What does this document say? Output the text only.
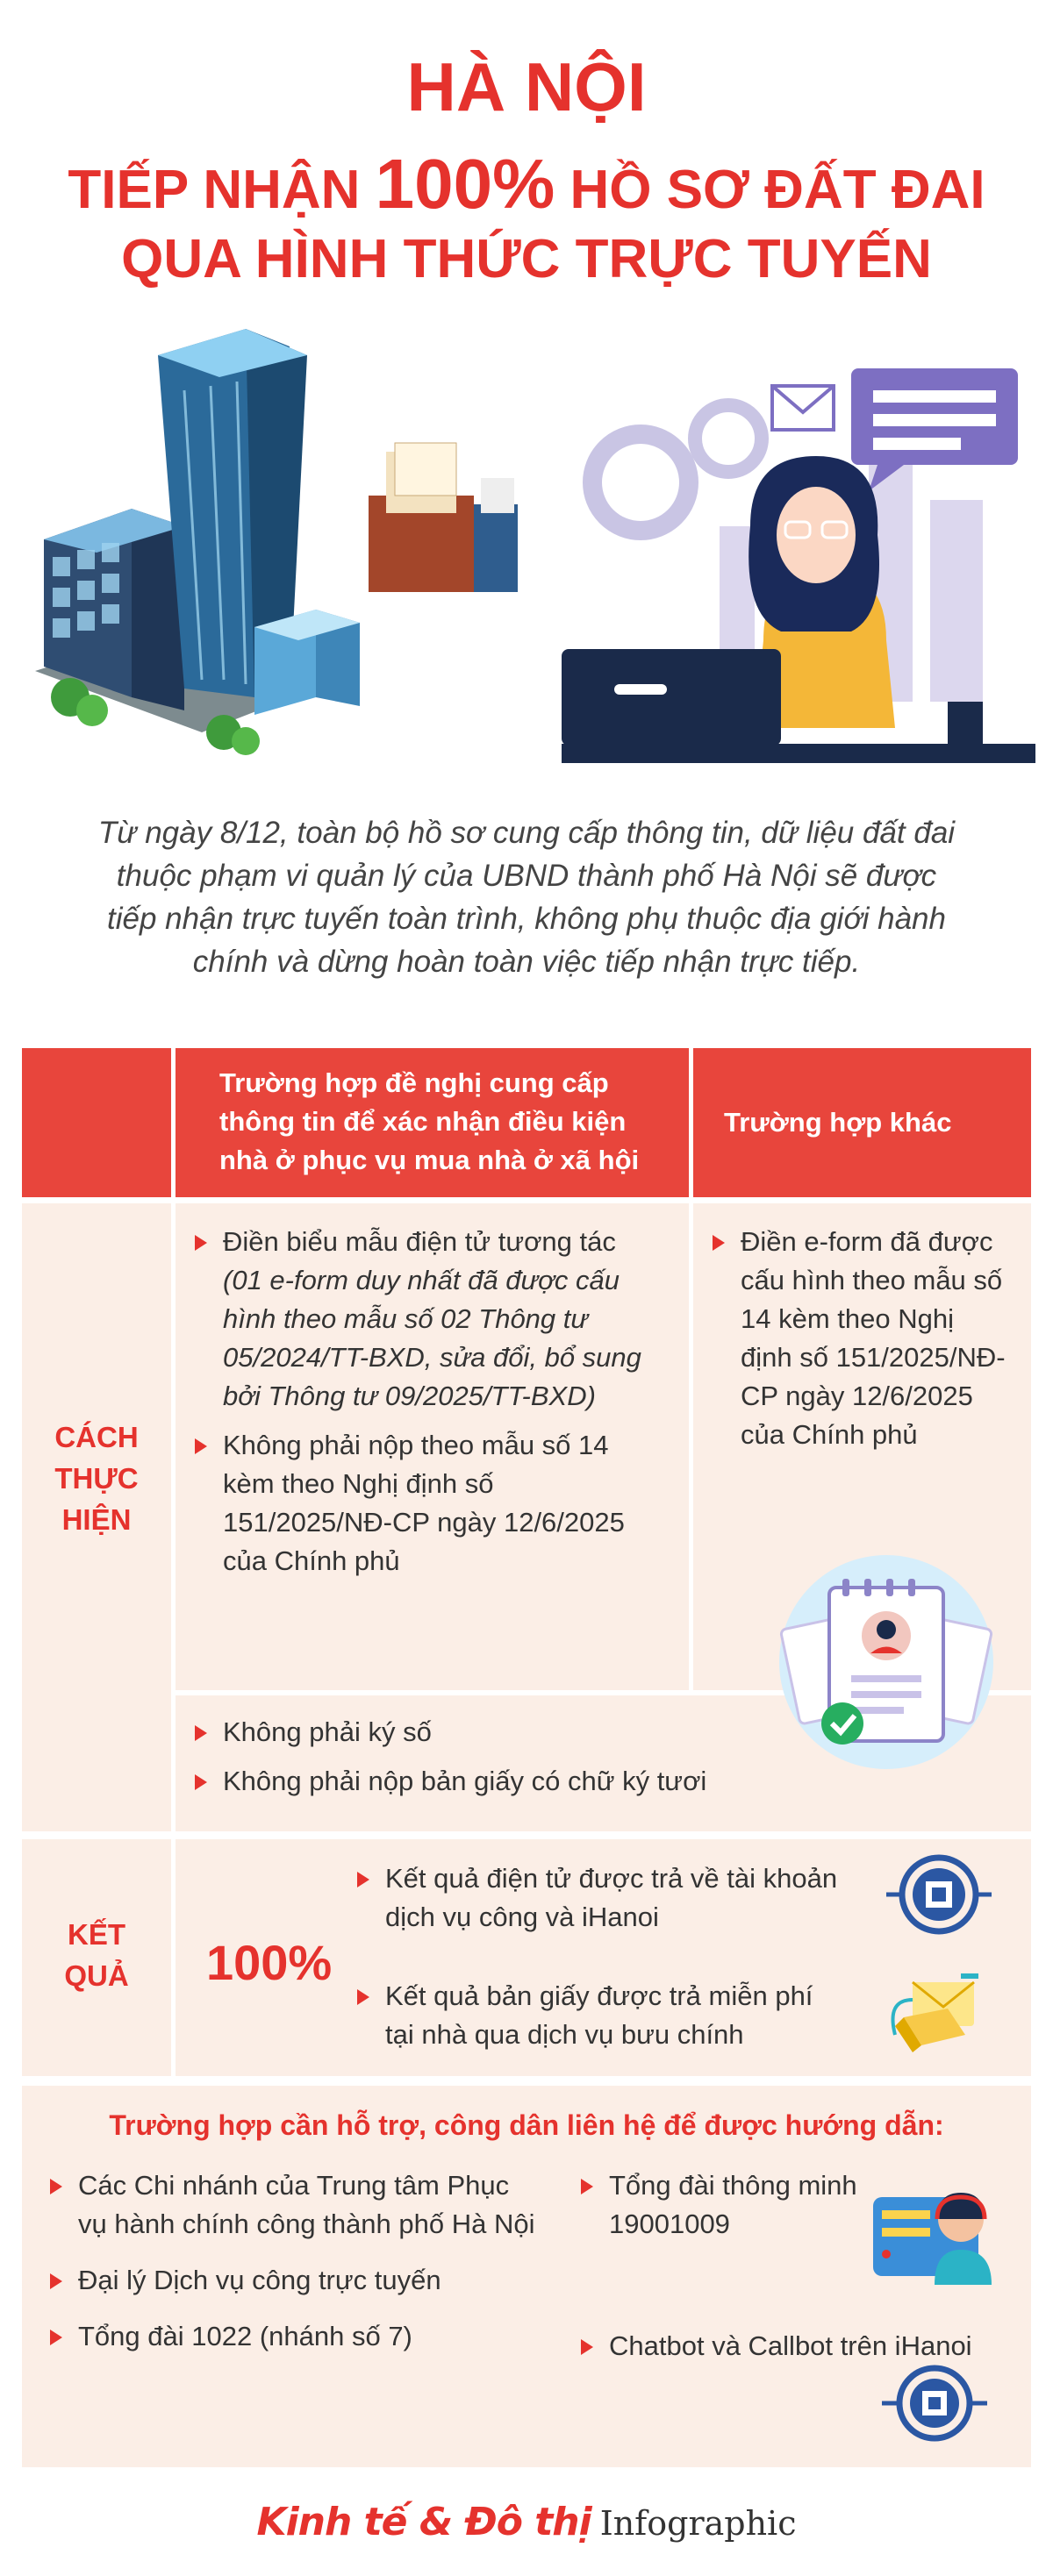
HÀ NỘI
TIẾP NHẬN 100% HỒ SƠ ĐẤT ĐAI
QUA HÌNH THỨC TRỰC TUYẾN
Từ ngày 8/12, toàn bộ hồ sơ cung cấp thông tin, dữ liệu đất đai thuộc phạm vi quản lý của UBND thành phố Hà Nội sẽ được tiếp nhận trực tuyến toàn trình, không phụ thuộc địa giới hành chính và dừng hoàn toàn việc tiếp nhận trực tiếp.
Trường hợp đề nghị cung cấp thông tin để xác nhận điều kiện nhà ở phục vụ mua nhà ở xã hội
Trường hợp khác
CÁCH THỰC HIỆN
Điền biểu mẫu điện tử tương tác
(01 e-form duy nhất đã được cấu hình theo mẫu số 02 Thông tư 05/2024/TT-BXD, sửa đổi, bổ sung bởi Thông tư 09/2025/TT-BXD)
Không phải nộp theo mẫu số 14 kèm theo Nghị định số 151/2025/NĐ-CP ngày 12/6/2025 của Chính phủ
Điền e-form đã được cấu hình theo mẫu số 14 kèm theo Nghị định số 151/2025/NĐ-CP ngày 12/6/2025 của Chính phủ
Không phải ký số
Không phải nộp bản giấy có chữ ký tươi
KẾT QUẢ	100%
Kết quả điện tử được trả về tài khoản dịch vụ công và iHanoi
Kết quả bản giấy được trả miễn phí tại nhà qua dịch vụ bưu chính
Trường hợp cần hỗ trợ, công dân liên hệ để được hướng dẫn:
Các Chi nhánh của Trung tâm Phục vụ hành chính công thành phố Hà Nội
Đại lý Dịch vụ công trực tuyến
Tổng đài 1022 (nhánh số 7)
Tổng đài thông minh 19001009
Chatbot và Callbot trên iHanoi
Kinh tế & Đô thị Infographic
